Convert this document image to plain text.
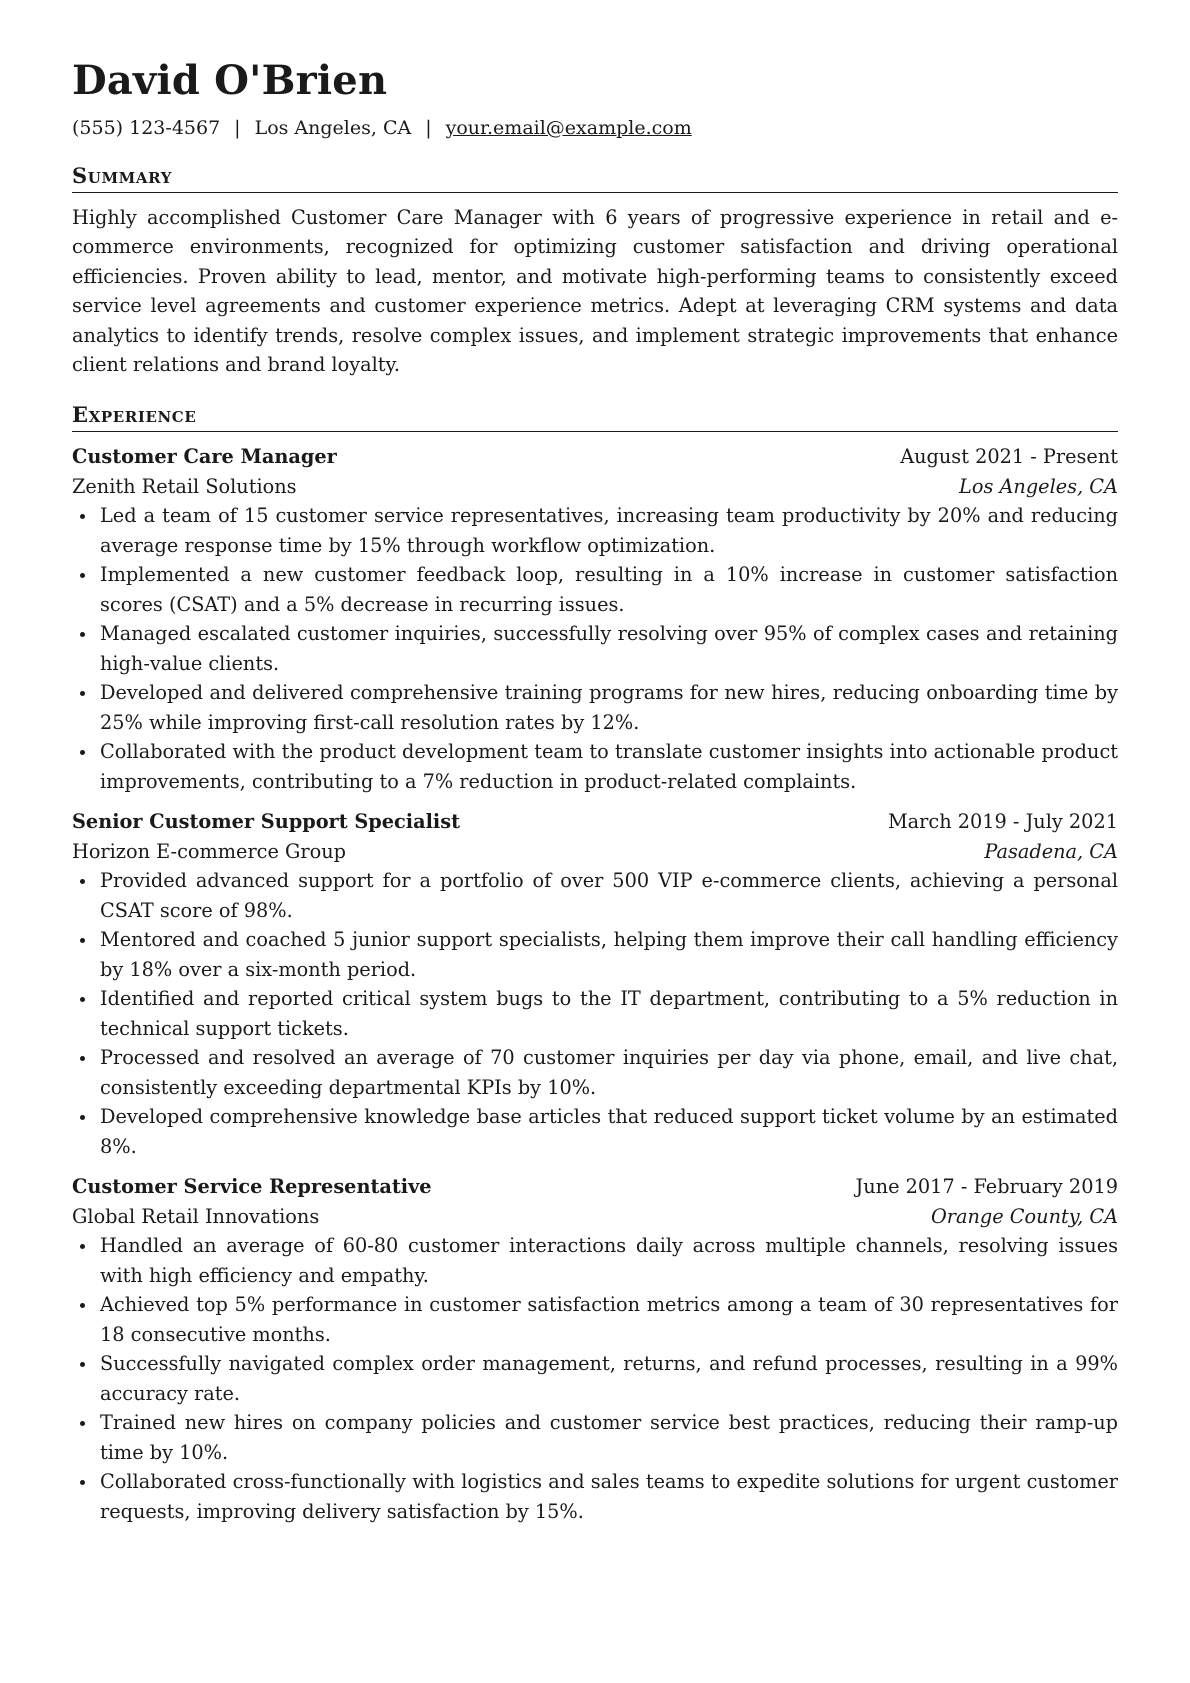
David O'Brien
(555) 123-4567 | Los Angeles, CA | your.email@example.com
Summary

Highly accomplished Customer Care Manager with 6 years of progressive experience in retail and e-commerce environments, recognized for optimizing customer satisfaction and driving operational efficiencies. Proven ability to lead, mentor, and motivate high-performing teams to consistently exceed service level agreements and customer experience metrics. Adept at leveraging CRM systems and data analytics to identify trends, resolve complex issues, and implement strategic improvements that enhance client relations and brand loyalty.

Experience
Customer Care Manager	August 2021 - Present
Zenith Retail Solutions	Los Angeles, CA
Led a team of 15 customer service representatives, increasing team productivity by 20% and reducing average response time by 15% through workflow optimization.
Implemented a new customer feedback loop, resulting in a 10% increase in customer satisfaction scores (CSAT) and a 5% decrease in recurring issues.
Managed escalated customer inquiries, successfully resolving over 95% of complex cases and retaining high-value clients.
Developed and delivered comprehensive training programs for new hires, reducing onboarding time by 25% while improving first-call resolution rates by 12%.
Collaborated with the product development team to translate customer insights into actionable product improvements, contributing to a 7% reduction in product-related complaints.
Senior Customer Support Specialist	March 2019 - July 2021
Horizon E-commerce Group	Pasadena, CA
Provided advanced support for a portfolio of over 500 VIP e-commerce clients, achieving a personal CSAT score of 98%.
Mentored and coached 5 junior support specialists, helping them improve their call handling efficiency by 18% over a six-month period.
Identified and reported critical system bugs to the IT department, contributing to a 5% reduction in technical support tickets.
Processed and resolved an average of 70 customer inquiries per day via phone, email, and live chat, consistently exceeding departmental KPIs by 10%.
Developed comprehensive knowledge base articles that reduced support ticket volume by an estimated 8%.
Customer Service Representative	June 2017 - February 2019
Global Retail Innovations	Orange County, CA
Handled an average of 60-80 customer interactions daily across multiple channels, resolving issues with high efficiency and empathy.
Achieved top 5% performance in customer satisfaction metrics among a team of 30 representatives for 18 consecutive months.
Successfully navigated complex order management, returns, and refund processes, resulting in a 99% accuracy rate.
Trained new hires on company policies and customer service best practices, reducing their ramp-up time by 10%.
Collaborated cross-functionally with logistics and sales teams to expedite solutions for urgent customer requests, improving delivery satisfaction by 15%.
